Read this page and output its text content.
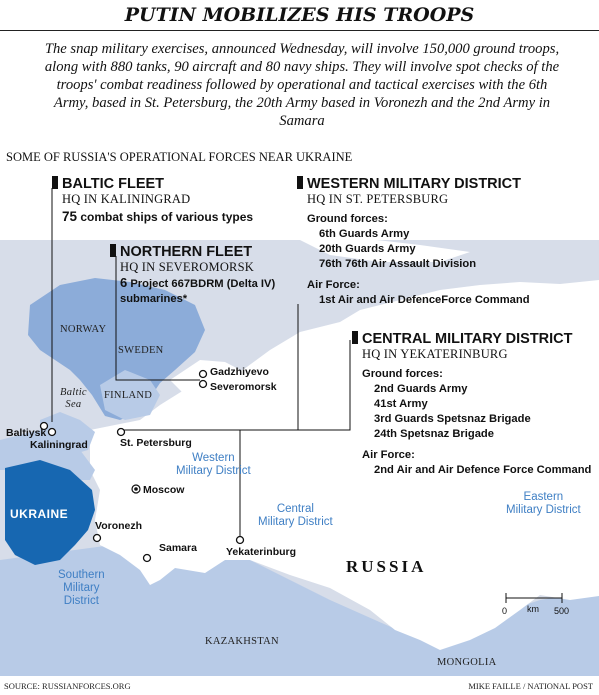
PUTIN MOBILIZES HIS TROOPS
The snap military exercises, announced Wednesday, will involve 150,000 ground troops, along with 880 tanks, 90 aircraft and 80 navy ships. They will involve spot checks of the troops' combat readiness followed by operational and tactical exercises with the 6th Army, based in St. Petersburg, the 20th Army based in Voronezh and the 2nd Army in Samara
SOME OF RUSSIA'S OPERATIONAL FORCES NEAR UKRAINE
BALTIC FLEET
HQ IN KALININGRAD
75 combat ships of various types
NORTHERN FLEET
HQ IN SEVEROMORSK
6 Project 667BDRM (Delta IV)
submarines*
WESTERN MILITARY DISTRICT
HQ IN ST. PETERSBURG
Ground forces:
6th Guards Army
20th Guards Army
76th 76th Air Assault Division
Air Force:
1st Air and Air DefenceForce Command
CENTRAL MILITARY DISTRICT
HQ IN YEKATERINBURG
Ground forces:
2nd Guards Army
41st Army
3rd Guards Spetsnaz Brigade
24th Spetsnaz Brigade
Air Force:
2nd Air and Air Defence Force Command
NORWAY
SWEDEN
FINLAND
Baltic
Sea
UKRAINE
RUSSIA
KAZAKHSTAN
MONGOLIA
Western
Military District
Central
Military District
Southern
Military
District
Eastern
Military District
Gadzhiyevo
Severomorsk
Baltiysk
Kaliningrad	St. Petersburg
Moscow
Voronezh
Samara	Yekaterinburg
0 km 500
SOURCE: RUSSIANFORCES.ORG	MIKE FAILLE / NATIONAL POST
